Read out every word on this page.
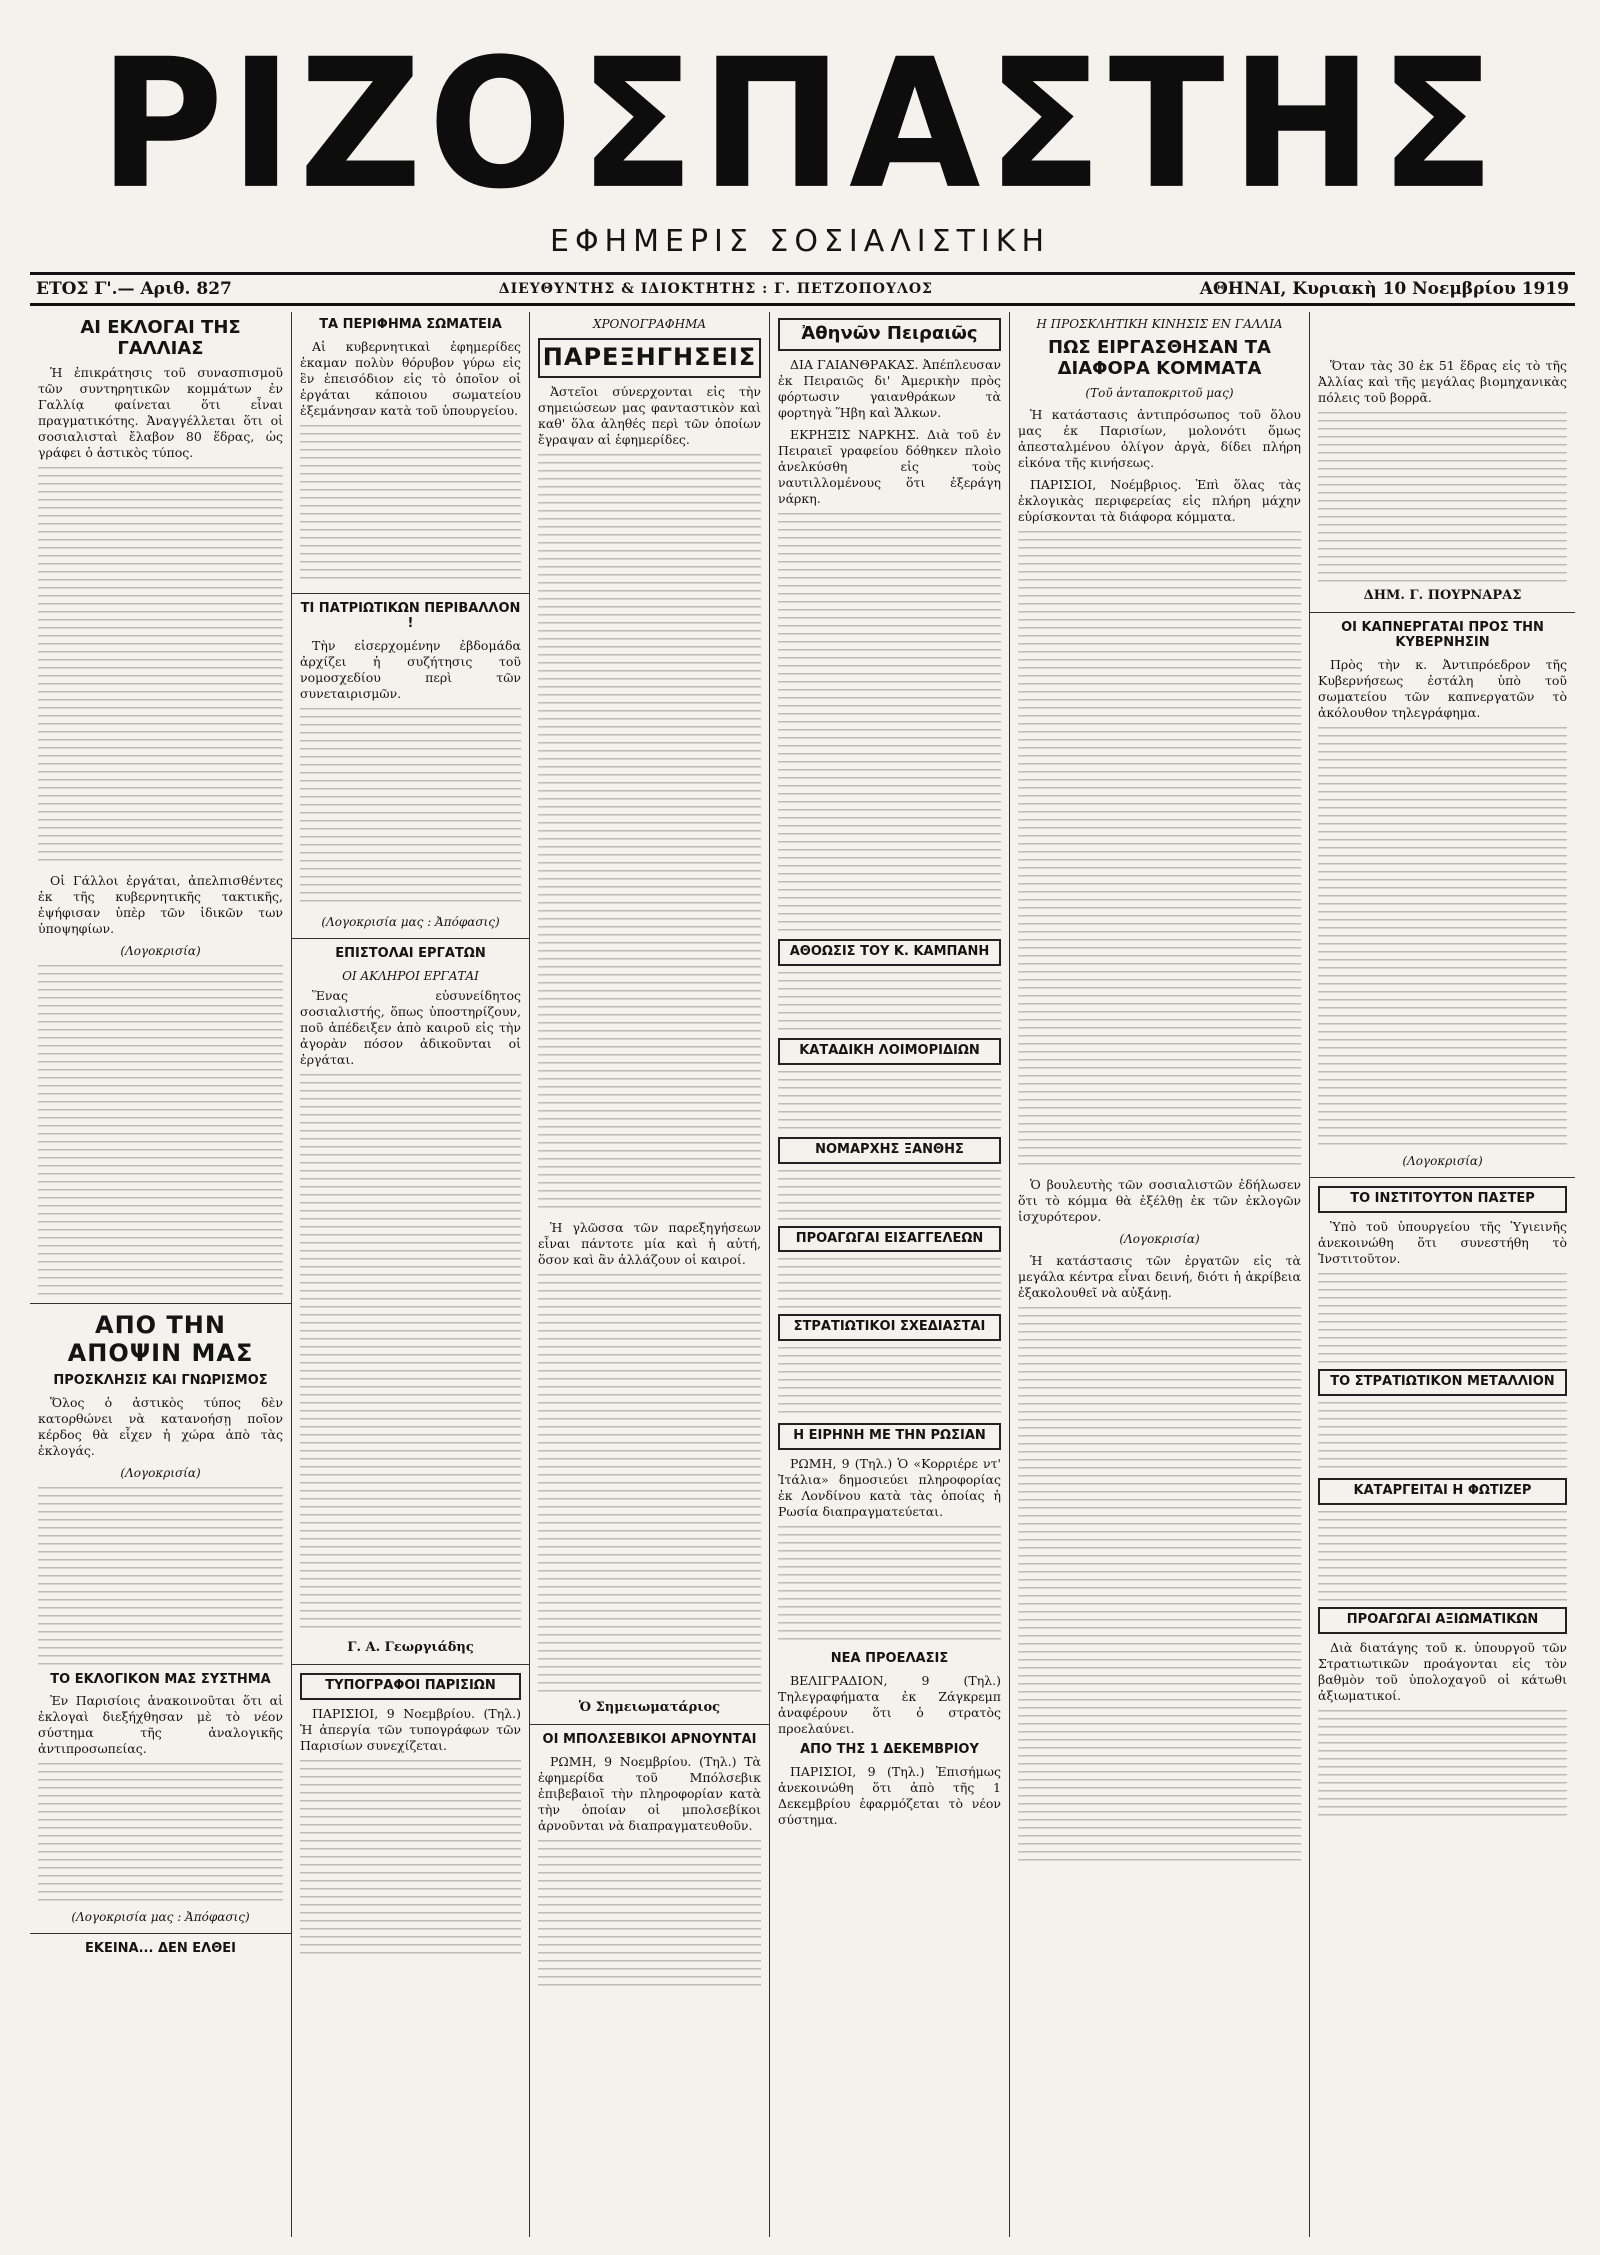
ΡΙΖΟΣΠΑΣΤΗΣ
ΕΦΗΜΕΡΙΣ ΣΟΣΙΑΛΙΣΤΙΚΗ
ΕΤΟΣ Γ'.— Αριθ. 827	ΔΙΕΥΘΥΝΤΗΣ & ΙΔΙΟΚΤΗΤΗΣ : Γ. ΠΕΤΖΟΠΟΥΛΟΣ	ΑΘΗΝΑΙ, Κυριακὴ 10 Νοεμβρίου 1919
ΑΙ ΕΚΛΟΓΑΙ ΤΗΣ ΓΑΛΛΙΑΣ

Ἡ ἐπικράτησις τοῦ συνασπισμοῦ τῶν συντηρητικῶν κομμάτων ἐν Γαλλίᾳ φαίνεται ὅτι εἶναι πραγματικότης. Ἀναγγέλλεται ὅτι οἱ σοσιαλισταὶ ἔλαβον 80 ἕδρας, ὡς γράφει ὁ ἀστικὸς τύπος.

Οἱ Γάλλοι ἐργάται, ἀπελπισθέντες ἐκ τῆς κυβερνητικῆς τακτικῆς, ἐψήφισαν ὑπὲρ τῶν ἰδικῶν των ὑποψηφίων.

(Λογοκρισία)
ΑΠΟ ΤΗΝ ΑΠΟΨΙΝ ΜΑΣ
ΠΡΟΣΚΛΗΣΙΣ ΚΑΙ ΓΝΩΡΙΣΜΟΣ

Ὅλος ὁ ἀστικὸς τύπος δὲν κατορθώνει νὰ κατανοήσῃ ποῖον κέρδος θὰ εἶχεν ἡ χώρα ἀπὸ τὰς ἐκλογάς.

(Λογοκρισία)
ΤΟ ΕΚΛΟΓΙΚΟΝ ΜΑΣ ΣΥΣΤΗΜΑ

Ἐν Παρισίοις ἀνακοινοῦται ὅτι αἱ ἐκλογαὶ διεξήχθησαν μὲ τὸ νέον σύστημα τῆς ἀναλογικῆς ἀντιπροσωπείας.

(Λογοκρισία μας : Ἀπόφασις)
ΕΚΕΙΝΑ... ΔΕΝ ΕΛΘΕΙ
ΤΑ ΠΕΡΙΦΗΜΑ ΣΩΜΑΤΕΙΑ

Αἱ κυβερνητικαὶ ἐφημερίδες ἐκαμαν πολὺν θόρυβον γύρω εἰς ἓν ἐπεισόδιον εἰς τὸ ὁποῖον οἱ ἐργάται κάποιου σωματείου ἐξεμάνησαν κατὰ τοῦ ὑπουργείου.

ΤΙ ΠΑΤΡΙΩΤΙΚΩΝ ΠΕΡΙΒΑΛΛΟΝ !

Τὴν εἰσερχομένην ἐβδομάδα ἀρχίζει ἡ συζήτησις τοῦ νομοσχεδίου περὶ τῶν συνεταιρισμῶν.

(Λογοκρισία μας : Ἀπόφασις)
ΕΠΙΣΤΟΛΑΙ ΕΡΓΑΤΩΝ
ΟΙ ΑΚΛΗΡΟΙ ΕΡΓΑΤΑΙ

Ἕνας εὐσυνείδητος σοσιαλιστής, ὅπως ὑποστηρίζουν, ποῦ ἀπέδειξεν ἀπὸ καιροῦ εἰς τὴν ἀγορὰν πόσον ἀδικοῦνται οἱ ἐργάται.

Γ. Α. Γεωργιάδης
ΤΥΠΟΓΡΑΦΟΙ ΠΑΡΙΣΙΩΝ

ΠΑΡΙΣΙΟΙ, 9 Νοεμβρίου. (Τηλ.) Ἡ ἀπεργία τῶν τυπογράφων τῶν Παρισίων συνεχίζεται.

ΧΡΟΝΟΓΡΑΦΗΜΑ
ΠΑΡΕΞΗΓΗΣΕΙΣ

Ἀστεῖοι σύνερχονται εἰς τὴν σημειώσεων μας φανταστικὸν καὶ καθ' ὅλα ἀληθές περὶ τῶν ὁποίων ἔγραψαν αἱ ἐφημερίδες.

Ἡ γλῶσσα τῶν παρεξηγήσεων εἶναι πάντοτε μία καὶ ἡ αὐτή, ὅσον καὶ ἂν ἀλλάζουν οἱ καιροί.

Ὁ Σημειωματάριος
ΟΙ ΜΠΟΛΣΕΒΙΚΟΙ ΑΡΝΟΥΝΤΑΙ

ΡΩΜΗ, 9 Νοεμβρίου. (Τηλ.) Τὰ ἐφημερίδα τοῦ Μπόλσεβικ ἐπιβεβαιοῖ τὴν πληροφορίαν κατὰ τὴν ὁποίαν οἱ μπολσεβίκοι ἀρνοῦνται νὰ διαπραγματευθοῦν.

Ἀθηνῶν Πειραιῶς

ΔΙΑ ΓΑΙΑΝΘΡΑΚΑΣ. Ἀπέπλευσαν ἐκ Πειραιῶς δι' Ἀμερικὴν πρὸς φόρτωσιν γαιανθράκων τὰ φορτηγὰ Ἥβη καὶ Ἄλκων.

ΕΚΡΗΞΙΣ ΝΑΡΚΗΣ. Διὰ τοῦ ἐν Πειραιεῖ γραφείου δόθηκεν πλοὶο ἀνελκύσθη εἰς τοὺς ναυτιλλομένους ὅτι ἐξεράγη νάρκη.

ΑΘΟΩΣΙΣ ΤΟΥ Κ. ΚΑΜΠΑΝΗ
ΚΑΤΑΔΙΚΗ ΛΟΙΜΟΡΙΔΙΩΝ
ΝΟΜΑΡΧΗΣ ΞΑΝΘΗΣ
ΠΡΟΑΓΩΓΑΙ ΕΙΣΑΓΓΕΛΕΩΝ
ΣΤΡΑΤΙΩΤΙΚΟΙ ΣΧΕΔΙΑΣΤΑΙ
Η ΕΙΡΗΝΗ ΜΕ ΤΗΝ ΡΩΣΙΑΝ

ΡΩΜΗ, 9 (Τηλ.) Ὁ «Κορριέρε ντ' Ἰτάλια» δημοσιεύει πληροφορίας ἐκ Λονδίνου κατὰ τὰς ὁποίας ἡ Ρωσία διαπραγματεύεται.

ΝΕΑ ΠΡΟΕΛΑΣΙΣ

ΒΕΛΙΓΡΑΔΙΟΝ, 9 (Τηλ.) Τηλεγραφήματα ἐκ Ζάγκρεμπ ἀναφέρουν ὅτι ὁ στρατὸς προελαύνει.

ΑΠΟ ΤΗΣ 1 ΔΕΚΕΜΒΡΙΟΥ

ΠΑΡΙΣΙΟΙ, 9 (Τηλ.) Ἐπισήμως ἀνεκοινώθη ὅτι ἀπὸ τῆς 1 Δεκεμβρίου ἐφαρμόζεται τὸ νέον σύστημα.

Η ΠΡΟΣΚΛΗΤΙΚΗ ΚΙΝΗΣΙΣ ΕΝ ΓΑΛΛΙΑ
ΠΩΣ ΕΙΡΓΑΣΘΗΣΑΝ ΤΑ ΔΙΑΦΟΡΑ ΚΟΜΜΑΤΑ
(Τοῦ ἀνταποκριτοῦ μας)

Ἡ κατάστασις ἀντιπρόσωπος τοῦ ὅλου μας ἐκ Παρισίων, μολονότι ὅμως ἀπεσταλμένου ὀλίγον ἀργὰ, δίδει πλήρη εἰκόνα τῆς κινήσεως.

ΠΑΡΙΣΙΟΙ, Νοέμβριος. Ἐπὶ ὅλας τὰς ἐκλογικὰς περιφερείας εἰς πλήρη μάχην εὑρίσκονται τὰ διάφορα κόμματα.

Ὁ βουλευτὴς τῶν σοσιαλιστῶν ἐδήλωσεν ὅτι τὸ κόμμα θὰ ἐξέλθῃ ἐκ τῶν ἐκλογῶν ἰσχυρότερον.

(Λογοκρισία)

Ἡ κατάστασις τῶν ἐργατῶν εἰς τὰ μεγάλα κέντρα εἶναι δεινή, διότι ἡ ἀκρίβεια ἐξακολουθεῖ νὰ αὐξάνῃ.

Ὅταν τὰς 30 ἐκ 51 ἕδρας εἰς τὸ τῆς Ἀλλίας καὶ τῆς μεγάλας βιομηχανικὰς πόλεις τοῦ βορρᾶ.

ΔΗΜ. Γ. ΠΟΥΡΝΑΡΑΣ
ΟΙ ΚΑΠΝΕΡΓΑΤΑΙ ΠΡΟΣ ΤΗΝ ΚΥΒΕΡΝΗΣΙΝ

Πρὸς τὴν κ. Ἀντιπρόεδρον τῆς Κυβερνήσεως ἐστάλη ὑπὸ τοῦ σωματείου τῶν καπνεργατῶν τὸ ἀκόλουθον τηλεγράφημα.

(Λογοκρισία)
ΤΟ ΙΝΣΤΙΤΟΥΤΟΝ ΠΑΣΤΕΡ

Ὑπὸ τοῦ ὑπουργείου τῆς Ὑγιεινῆς ἀνεκοινώθη ὅτι συνεστήθη τὸ Ἰνστιτοῦτον.

ΤΟ ΣΤΡΑΤΙΩΤΙΚΟΝ ΜΕΤΑΛΛΙΟΝ
ΚΑΤΑΡΓΕΙΤΑΙ Η ΦΩΤΙΖΕΡ
ΠΡΟΑΓΩΓΑΙ ΑΞΙΩΜΑΤΙΚΩΝ

Διὰ διατάγης τοῦ κ. ὑπουργοῦ τῶν Στρατιωτικῶν προάγονται εἰς τὸν βαθμὸν τοῦ ὑπολοχαγοῦ οἱ κάτωθι ἀξιωματικοί.
